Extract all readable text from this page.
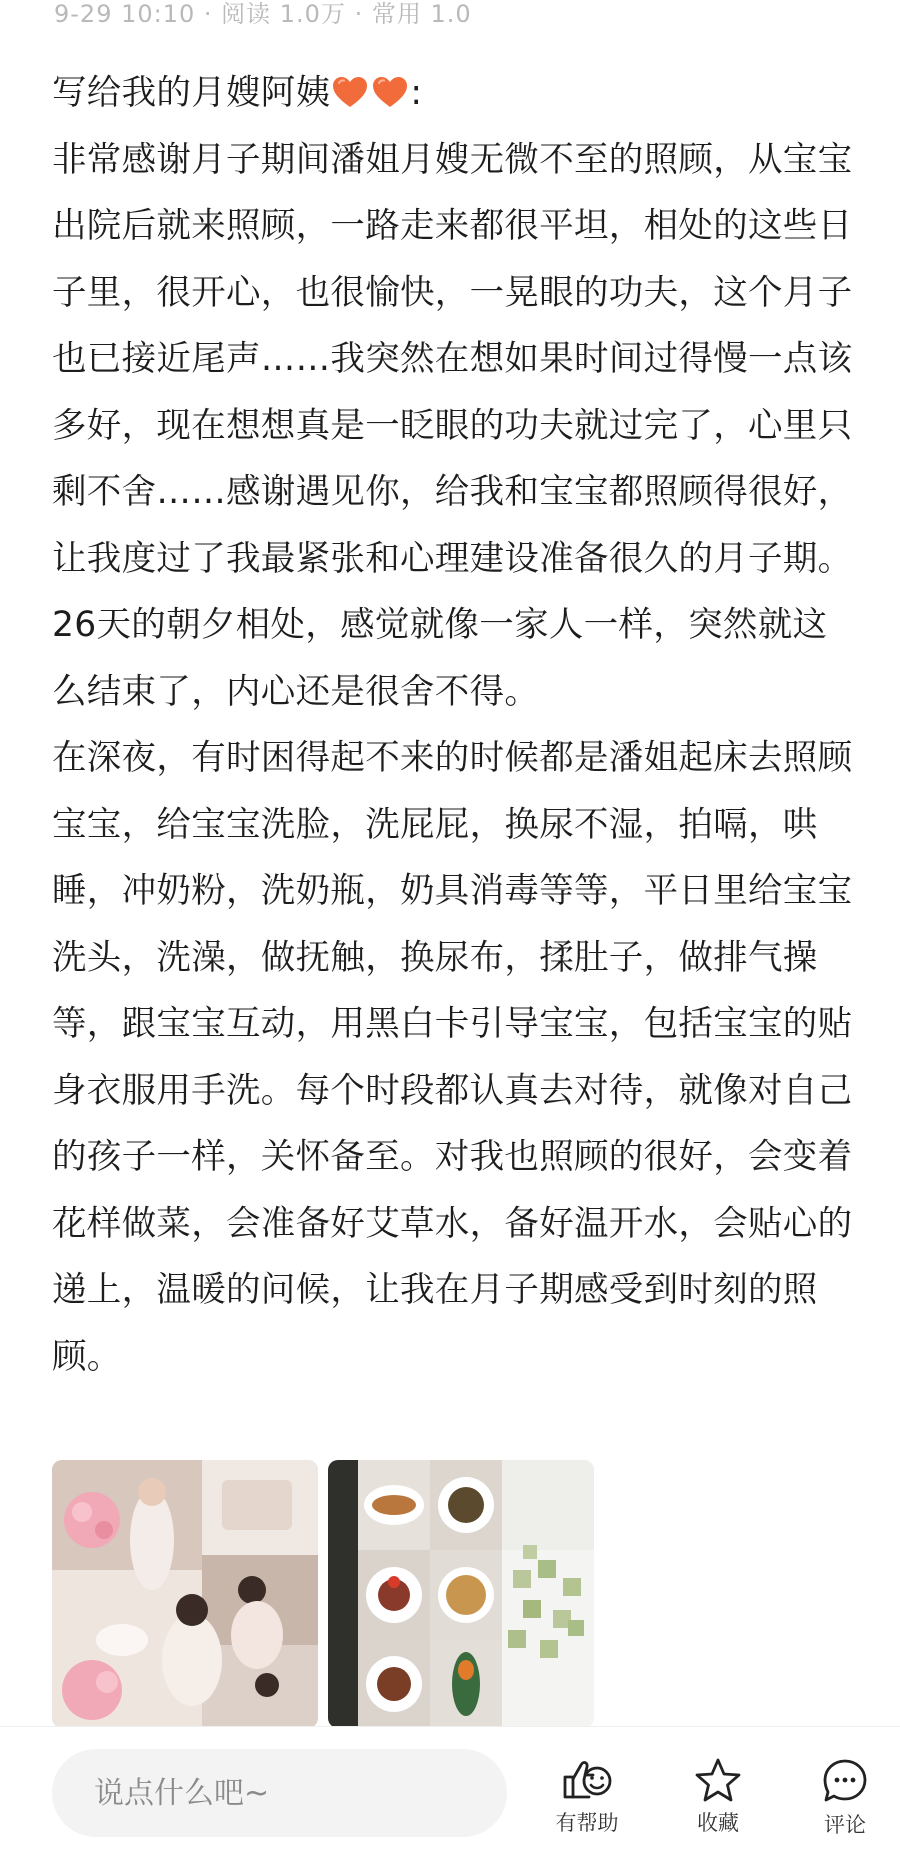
9-29 10:10 · 阅读 1.0万 · 常用 1.0

写给我的月嫂阿姨 :

非常感谢月子期间潘姐月嫂无微不至的照顾，从宝宝出院后就来照顾，一路走来都很平坦，相处的这些日子里，很开心，也很愉快，一晃眼的功夫，这个月子也已接近尾声……我突然在想如果时间过得慢一点该多好，现在想想真是一眨眼的功夫就过完了，心里只剩不舍……感谢遇见你，给我和宝宝都照顾得很好，让我度过了我最紧张和心理建设准备很久的月子期。26天的朝夕相处，感觉就像一家人一样，突然就这么结束了，内心还是很舍不得。

在深夜，有时困得起不来的时候都是潘姐起床去照顾宝宝，给宝宝洗脸，洗屁屁，换尿不湿，拍嗝，哄睡，冲奶粉，洗奶瓶，奶具消毒等等，平日里给宝宝洗头，洗澡，做抚触，换尿布，揉肚子，做排气操等，跟宝宝互动，用黑白卡引导宝宝，包括宝宝的贴身衣服用手洗。每个时段都认真去对待，就像对自己的孩子一样，关怀备至。对我也照顾的很好，会变着花样做菜，会准备好艾草水，备好温开水，会贴心的递上，温暖的问候，让我在月子期感受到时刻的照顾。

说点什么吧~
有帮助	收藏	评论
